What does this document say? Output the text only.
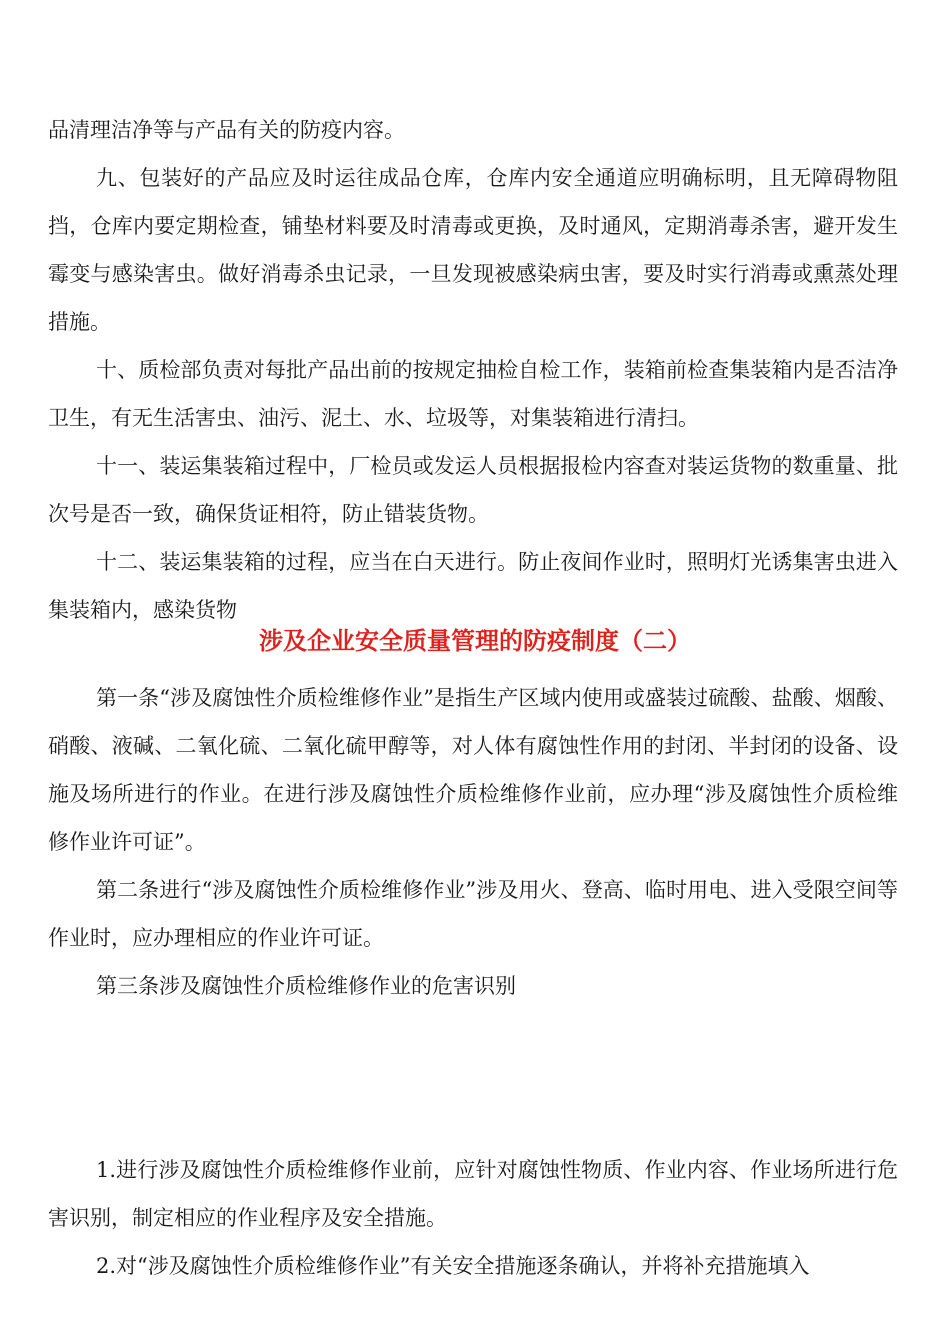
品清理洁净等与产品有关的防疫内容。

九、包装好的产品应及时运往成品仓库，仓库内安全通道应明确标明，且无障碍物阻挡，仓库内要定期检查，铺垫材料要及时清毒或更换，及时通风，定期消毒杀害，避开发生霉变与感染害虫。做好消毒杀虫记录，一旦发现被感染病虫害，要及时实行消毒或熏蒸处理措施。

十、质检部负责对每批产品出前的按规定抽检自检工作，装箱前检查集装箱内是否洁净卫生，有无生活害虫、油污、泥土、水、垃圾等，对集装箱进行清扫。

十一、装运集装箱过程中，厂检员或发运人员根据报检内容查对装运货物的数重量、批次号是否一致，确保货证相符，防止错装货物。

十二、装运集装箱的过程，应当在白天进行。防止夜间作业时，照明灯光诱集害虫进入集装箱内，感染货物

涉及企业安全质量管理的防疫制度（二）

第一条“涉及腐蚀性介质检维修作业”是指生产区域内使用或盛装过硫酸、盐酸、烟酸、硝酸、液碱、二氧化硫、二氧化硫甲醇等，对人体有腐蚀性作用的封闭、半封闭的设备、设施及场所进行的作业。在进行涉及腐蚀性介质检维修作业前，应办理“涉及腐蚀性介质检维修作业许可证”。

第二条进行“涉及腐蚀性介质检维修作业”涉及用火、登高、临时用电、进入受限空间等作业时，应办理相应的作业许可证。

第三条涉及腐蚀性介质检维修作业的危害识别

1.进行涉及腐蚀性介质检维修作业前，应针对腐蚀性物质、作业内容、作业场所进行危害识别，制定相应的作业程序及安全措施。

2.对“涉及腐蚀性介质检维修作业”有关安全措施逐条确认，并将补充措施填入
